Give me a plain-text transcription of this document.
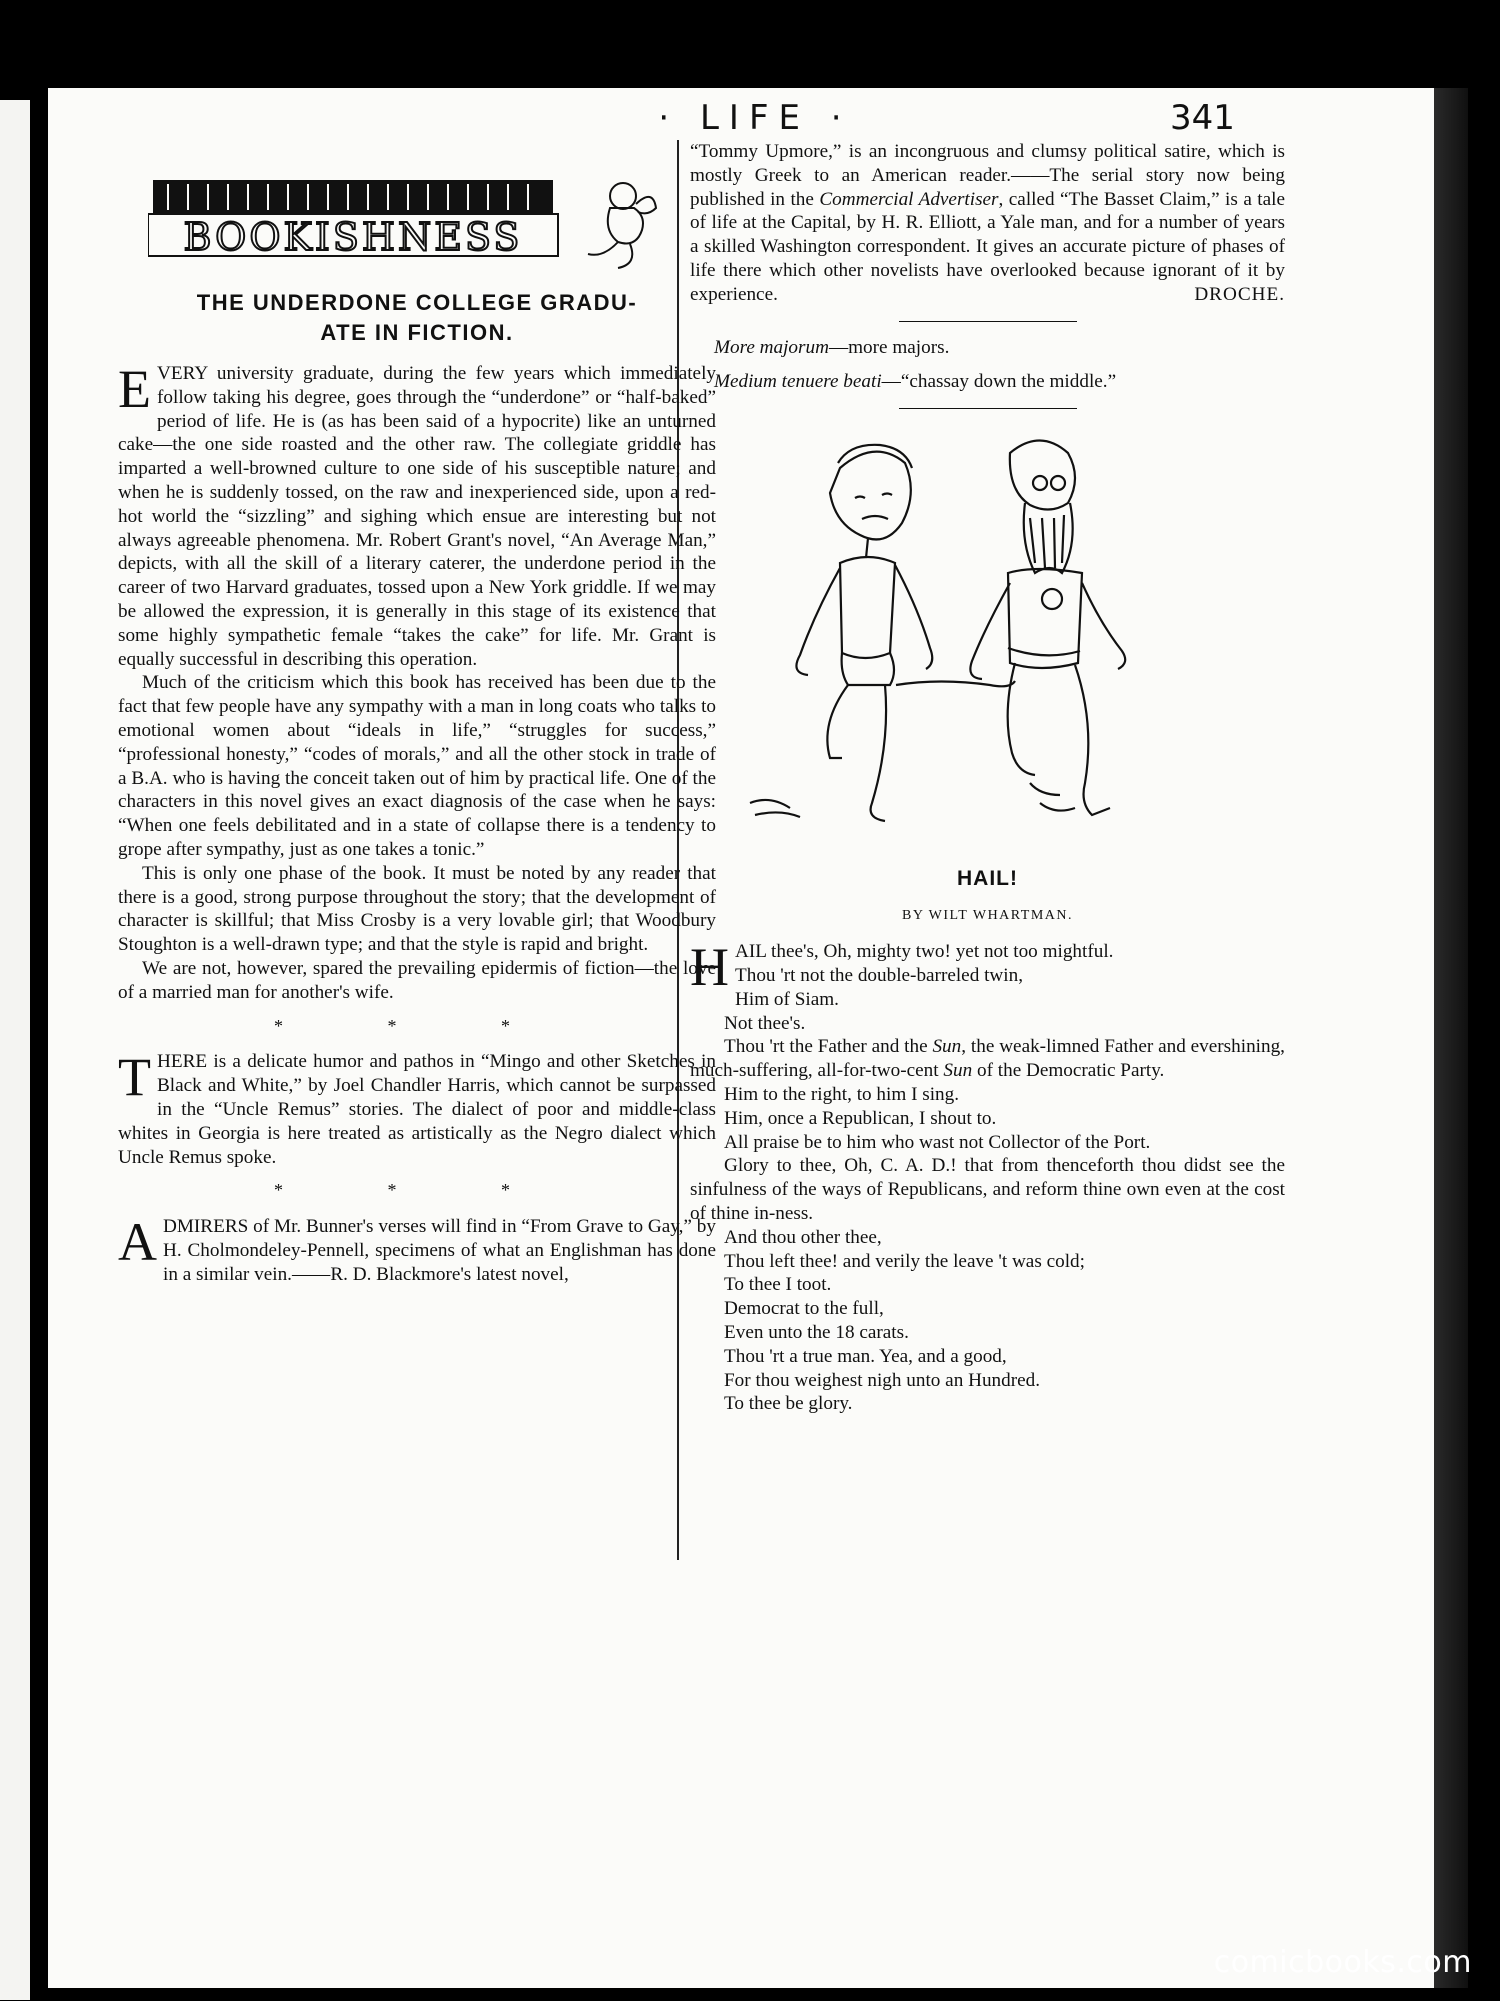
· LIFE ·	341
BOOKISHNESS
THE UNDERDONE COLLEGE GRADU-
ATE IN FICTION.

EVERY university graduate, during the few years which immediately follow taking his degree, goes through the “underdone” or “half-baked” period of life. He is (as has been said of a hypocrite) like an unturned cake—the one side roasted and the other raw. The collegiate griddle has imparted a well-browned culture to one side of his susceptible nature; and when he is suddenly tossed, on the raw and inexperienced side, upon a red-hot world the “sizzling” and sighing which ensue are interesting but not always agreeable phenomena. Mr. Robert Grant's novel, “An Average Man,” depicts, with all the skill of a literary caterer, the underdone period in the career of two Harvard graduates, tossed upon a New York griddle. If we may be allowed the expression, it is generally in this stage of its existence that some highly sympathetic female “takes the cake” for life. Mr. Grant is equally successful in describing this operation.

Much of the criticism which this book has received has been due to the fact that few people have any sympathy with a man in long coats who talks to emotional women about “ideals in life,” “struggles for success,” “professional honesty,” “codes of morals,” and all the other stock in trade of a B.A. who is having the conceit taken out of him by practical life. One of the characters in this novel gives an exact diagnosis of the case when he says: “When one feels debilitated and in a state of collapse there is a tendency to grope after sympathy, just as one takes a tonic.”

This is only one phase of the book. It must be noted by any reader that there is a good, strong purpose throughout the story; that the development of character is skillful; that Miss Crosby is a very lovable girl; that Woodbury Stoughton is a well-drawn type; and that the style is rapid and bright.

We are not, however, spared the prevailing epidermis of fiction—the love of a married man for another's wife.

* * *

THERE is a delicate humor and pathos in “Mingo and other Sketches in Black and White,” by Joel Chandler Harris, which cannot be surpassed in the “Uncle Remus” stories. The dialect of poor and middle-class whites in Georgia is here treated as artistically as the Negro dialect which Uncle Remus spoke.

* * *

ADMIRERS of Mr. Bunner's verses will find in “From Grave to Gay,” by H. Cholmondeley-Pennell, specimens of what an Englishman has done in a similar vein.——R. D. Blackmore's latest novel,

“Tommy Upmore,” is an incongruous and clumsy political satire, which is mostly Greek to an American reader.——The serial story now being published in the Commercial Advertiser, called “The Basset Claim,” is a tale of life at the Capital, by H. R. Elliott, a Yale man, and for a number of years a skilled Washington correspondent. It gives an accurate picture of phases of life there which other novelists have overlooked because ignorant of it by experience.	DROCHE.

More majorum—more majors.
Medium tenuere beati—“chassay down the middle.”
HAIL!
BY WILT WHARTMAN.

HAIL thee's, Oh, mighty two! yet not too mightful.

Thou 'rt not the double-barreled twin,

Him of Siam.

Not thee's.

Thou 'rt the Father and the Sun, the weak-limned Father and evershining, much-suffering, all-for-two-cent Sun of the Democratic Party.

Him to the right, to him I sing.

Him, once a Republican, I shout to.

All praise be to him who wast not Collector of the Port.

Glory to thee, Oh, C. A. D.! that from thenceforth thou didst see the sinfulness of the ways of Republicans, and reform thine own even at the cost of thine in-ness.

And thou other thee,

Thou left thee! and verily the leave 't was cold;

To thee I toot.

Democrat to the full,

Even unto the 18 carats.

Thou 'rt a true man. Yea, and a good,

For thou weighest nigh unto an Hundred.

To thee be glory.

comicbooks.com
